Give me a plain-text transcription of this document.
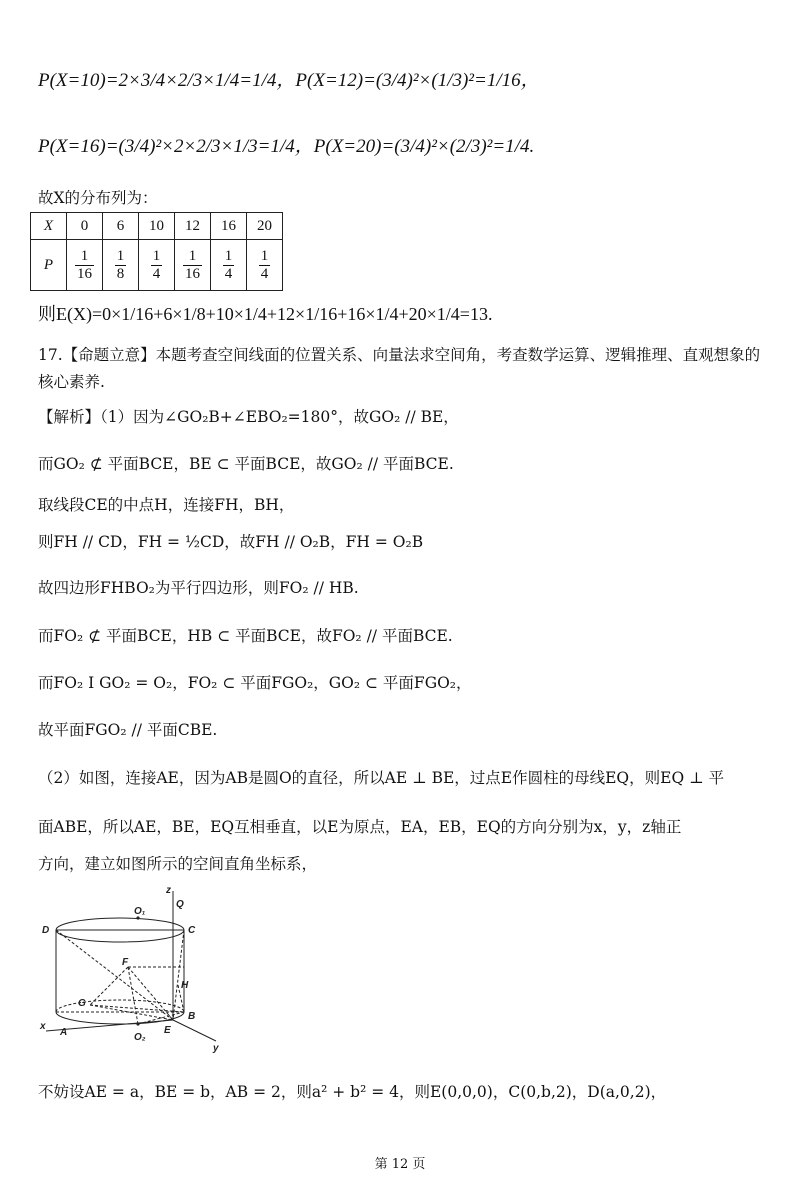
P(X=10)=2×3/4×2/3×1/4=1/4，P(X=12)=(3/4)²×(1/3)²=1/16，
P(X=16)=(3/4)²×2×2/3×1/3=1/4，P(X=20)=(3/4)²×(2/3)²=1/4.
故X的分布列为：
X	0	6	10	12	16	20
P	$\frac{1}{16}$	$\frac{1}{8}$	$\frac{1}{4}$	$\frac{1}{16}$	$\frac{1}{4}$	$\frac{1}{4}$
则E(X)=0×1/16+6×1/8+10×1/4+12×1/16+16×1/4+20×1/4=13.
17.【命题立意】本题考查空间线面的位置关系、向量法求空间角，考查数学运算、逻辑推理、直观想象的
核心素养.
【解析】（1）因为∠GO₂B+∠EBO₂=180°，故GO₂ // BE，
而GO₂ ⊄ 平面BCE，BE ⊂ 平面BCE，故GO₂ // 平面BCE.
取线段CE的中点H，连接FH，BH，
则FH // CD，FH = ½CD，故FH // O₂B，FH = O₂B
故四边形FHBO₂为平行四边形，则FO₂ // HB.
而FO₂ ⊄ 平面BCE，HB ⊂ 平面BCE，故FO₂ // 平面BCE.
而FO₂ I GO₂ = O₂，FO₂ ⊂ 平面FGO₂，GO₂ ⊂ 平面FGO₂，
故平面FGO₂ // 平面CBE.
（2）如图，连接AE，因为AB是圆O的直径，所以AE ⊥ BE，过点E作圆柱的母线EQ，则EQ ⊥ 平
面ABE，所以AE，BE，EQ互相垂直，以E为原点，EA，EB，EQ的方向分别为x，y，z轴正
方向，建立如图所示的空间直角坐标系，
D	C
O₁
Q
z
F
H
G
E
B
A	O₂
x
y
不妨设AE = a，BE = b，AB = 2，则a² + b² = 4，则E(0,0,0)，C(0,b,2)，D(a,0,2)，
第 12 页
